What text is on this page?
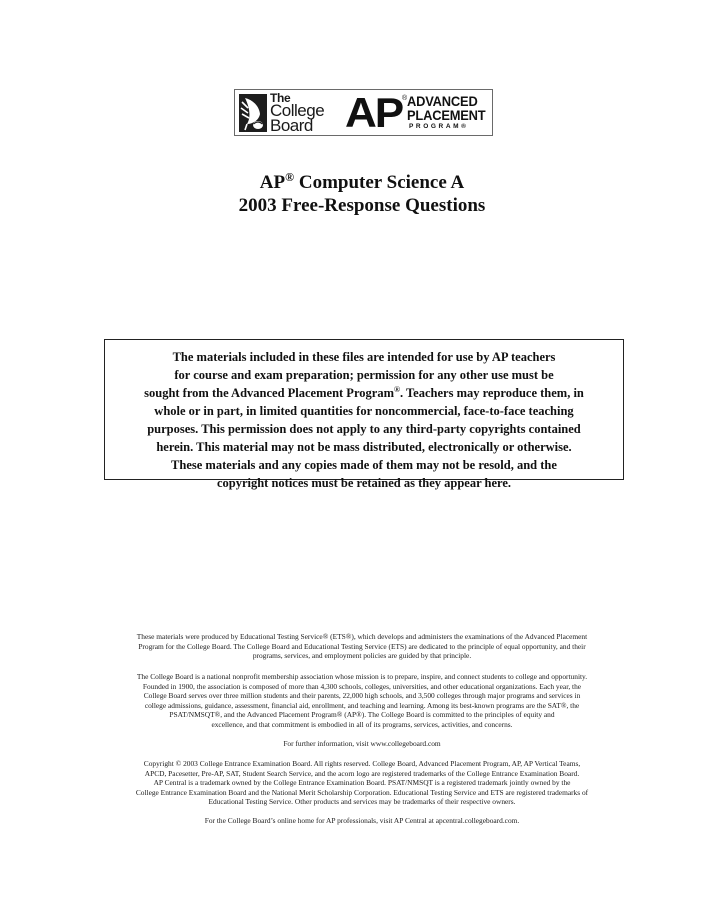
The
College
Board AP ® ADVANCED
PLACEMENT
PROGRAM®
AP® Computer Science A
2003 Free-Response Questions
The materials included in these files are intended for use by AP teachers
for course and exam preparation; permission for any other use must be
sought from the Advanced Placement Program®. Teachers may reproduce them, in
whole or in part, in limited quantities for noncommercial, face-to-face teaching
purposes. This permission does not apply to any third-party copyrights contained
herein. This material may not be mass distributed, electronically or otherwise.
These materials and any copies made of them may not be resold, and the
copyright notices must be retained as they appear here.
These materials were produced by Educational Testing Service® (ETS®), which develops and administers the examinations of the Advanced Placement
Program for the College Board. The College Board and Educational Testing Service (ETS) are dedicated to the principle of equal opportunity, and their
programs, services, and employment policies are guided by that principle.
The College Board is a national nonprofit membership association whose mission is to prepare, inspire, and connect students to college and opportunity.
Founded in 1900, the association is composed of more than 4,300 schools, colleges, universities, and other educational organizations. Each year, the
College Board serves over three million students and their parents, 22,000 high schools, and 3,500 colleges through major programs and services in
college admissions, guidance, assessment, financial aid, enrollment, and teaching and learning. Among its best-known programs are the SAT®, the
PSAT/NMSQT®, and the Advanced Placement Program® (AP®). The College Board is committed to the principles of equity and
excellence, and that commitment is embodied in all of its programs, services, activities, and concerns.
For further information, visit www.collegeboard.com
Copyright © 2003 College Entrance Examination Board. All rights reserved. College Board, Advanced Placement Program, AP, AP Vertical Teams,
APCD, Pacesetter, Pre-AP, SAT, Student Search Service, and the acorn logo are registered trademarks of the College Entrance Examination Board.
AP Central is a trademark owned by the College Entrance Examination Board. PSAT/NMSQT is a registered trademark jointly owned by the
College Entrance Examination Board and the National Merit Scholarship Corporation. Educational Testing Service and ETS are registered trademarks of
Educational Testing Service. Other products and services may be trademarks of their respective owners.
For the College Board’s online home for AP professionals, visit AP Central at apcentral.collegeboard.com.
